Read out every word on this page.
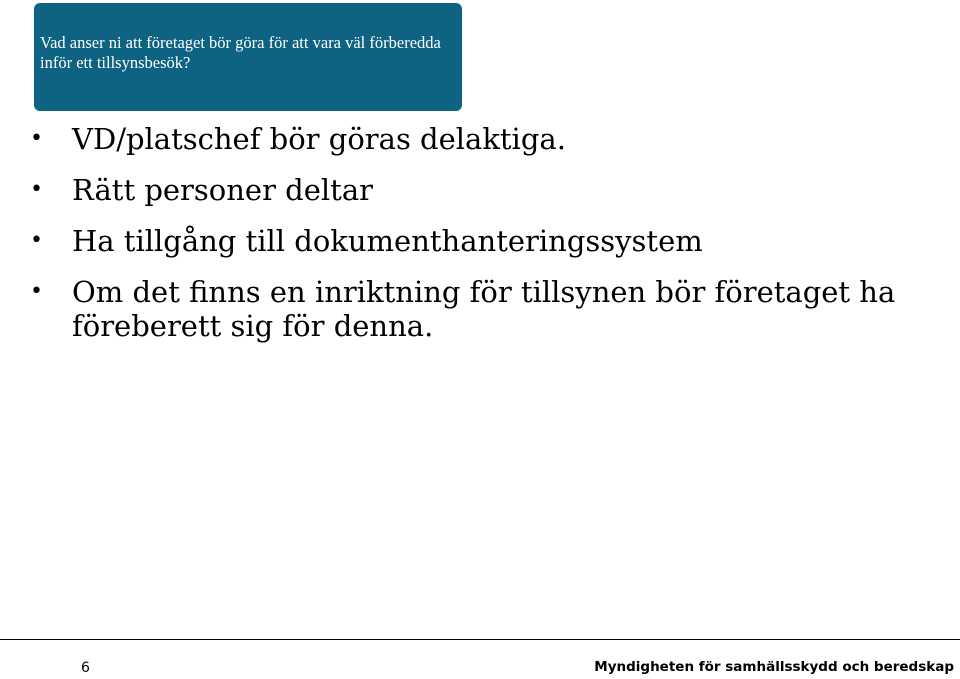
Vad anser ni att företaget bör göra för att vara väl förberedda inför ett tillsynsbesök?
• VD/platschef bör göras delaktiga.
• Rätt personer deltar
• Ha tillgång till dokumenthanteringssystem
• Om det finns en inriktning för tillsynen bör företaget ha föreberett sig för denna.
6	Myndigheten för samhällsskydd och beredskap
